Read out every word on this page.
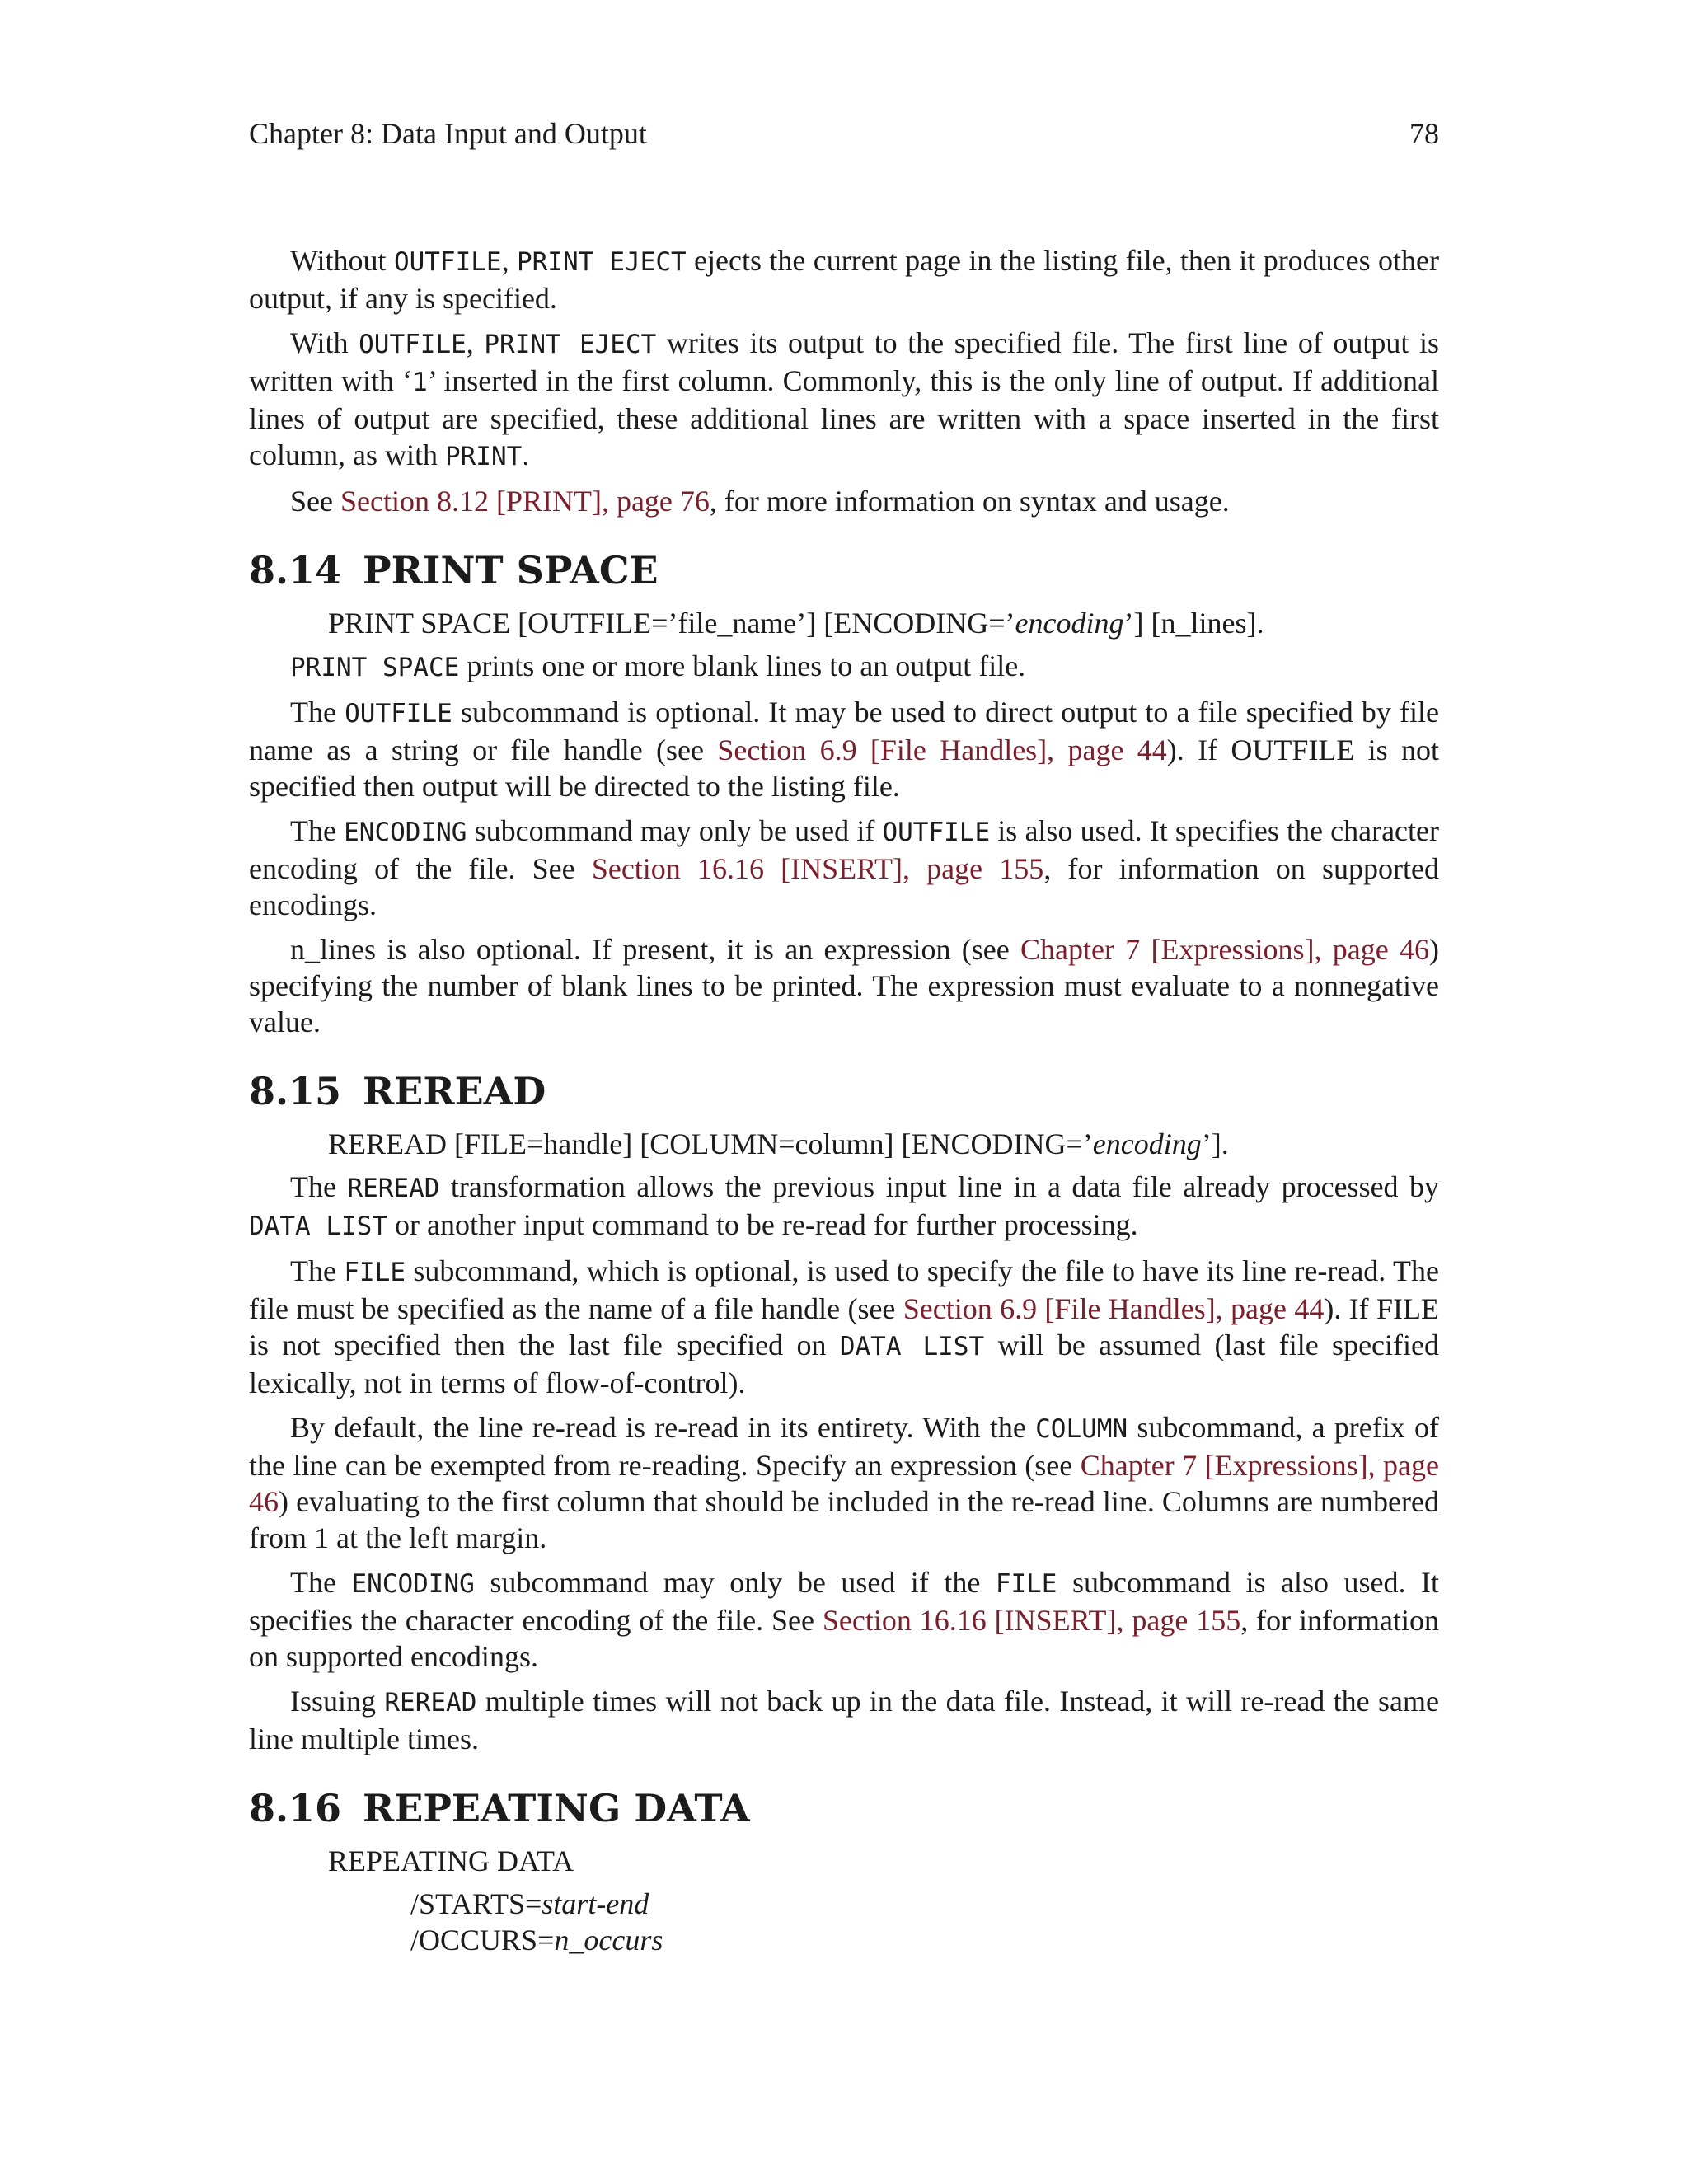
Chapter 8: Data Input and Output	78

Without OUTFILE, PRINT EJECT ejects the current page in the listing file, then it produces other output, if any is specified.

With OUTFILE, PRINT EJECT writes its output to the specified file. The first line of output is written with ‘1’ inserted in the first column. Commonly, this is the only line of output. If additional lines of output are specified, these additional lines are written with a space inserted in the first column, as with PRINT.

See Section 8.12 [PRINT], page 76, for more information on syntax and usage.

8.14 PRINT SPACE
PRINT SPACE [OUTFILE=’file_name’] [ENCODING=’encoding’] [n_lines].

PRINT SPACE prints one or more blank lines to an output file.

The OUTFILE subcommand is optional. It may be used to direct output to a file specified by file name as a string or file handle (see Section 6.9 [File Handles], page 44). If OUTFILE is not specified then output will be directed to the listing file.

The ENCODING subcommand may only be used if OUTFILE is also used. It specifies the character encoding of the file. See Section 16.16 [INSERT], page 155, for information on supported encodings.

n_lines is also optional. If present, it is an expression (see Chapter 7 [Expressions], page 46) specifying the number of blank lines to be printed. The expression must evaluate to a nonnegative value.

8.15 REREAD
REREAD [FILE=handle] [COLUMN=column] [ENCODING=’encoding’].

The REREAD transformation allows the previous input line in a data file already processed by DATA LIST or another input command to be re-read for further processing.

The FILE subcommand, which is optional, is used to specify the file to have its line re-read. The file must be specified as the name of a file handle (see Section 6.9 [File Handles], page 44). If FILE is not specified then the last file specified on DATA LIST will be assumed (last file specified lexically, not in terms of flow-of-control).

By default, the line re-read is re-read in its entirety. With the COLUMN subcommand, a prefix of the line can be exempted from re-reading. Specify an expression (see Chapter 7 [Expressions], page 46) evaluating to the first column that should be included in the re-read line. Columns are numbered from 1 at the left margin.

The ENCODING subcommand may only be used if the FILE subcommand is also used. It specifies the character encoding of the file. See Section 16.16 [INSERT], page 155, for information on supported encodings.

Issuing REREAD multiple times will not back up in the data file. Instead, it will re-read the same line multiple times.

8.16 REPEATING DATA
REPEATING DATA
/STARTS=start-end
/OCCURS=n_occurs
